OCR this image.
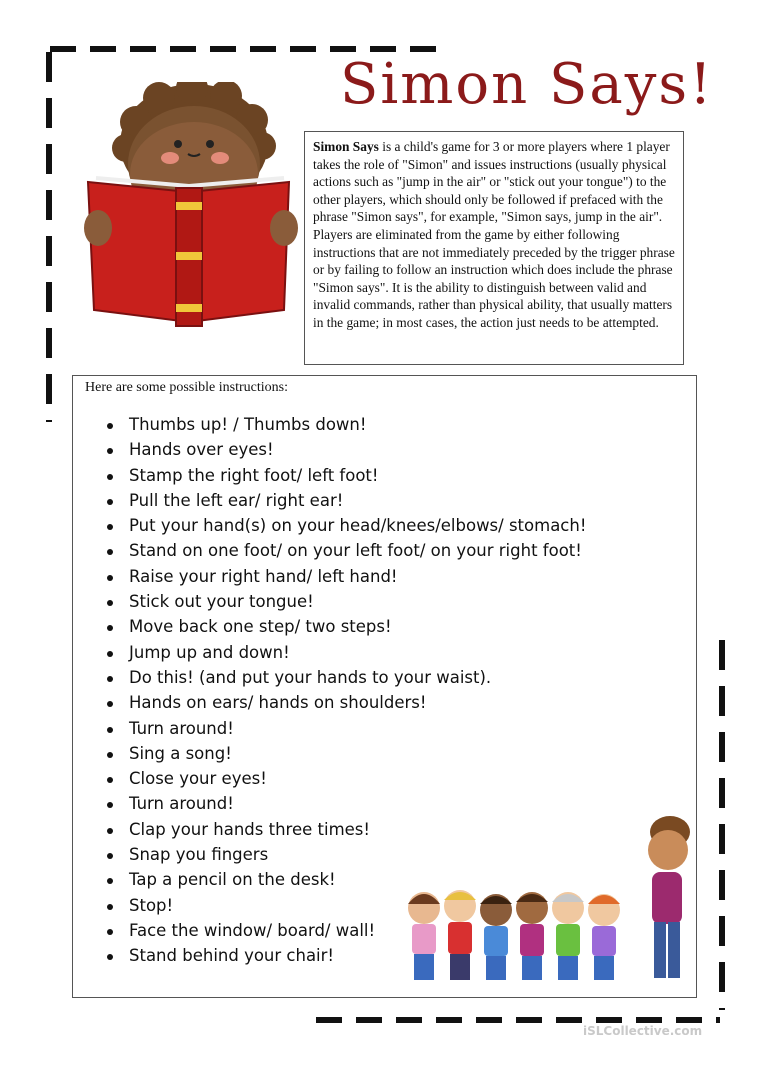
Simon Says!
Simon Says is a child's game for 3 or more players where 1 player takes the role of "Simon" and issues instructions (usually physical actions such as "jump in the air" or "stick out your tongue") to the other players, which should only be followed if prefaced with the phrase "Simon says", for example, "Simon says, jump in the air". Players are eliminated from the game by either following instructions that are not immediately preceded by the trigger phrase or by failing to follow an instruction which does include the phrase "Simon says". It is the ability to distinguish between valid and invalid commands, rather than physical ability, that usually matters in the game; in most cases, the action just needs to be attempted.
Here are some possible instructions:
Thumbs up! / Thumbs down!
Hands over eyes!
Stamp the right foot/ left foot!
Pull the left ear/ right ear!
Put your hand(s) on your head/knees/elbows/ stomach!
Stand on one foot/ on your left foot/ on your right foot!
Raise your right hand/ left hand!
Stick out your tongue!
Move back one step/ two steps!
Jump up and down!
Do this! (and put your hands to your waist).
Hands on ears/ hands on shoulders!
Turn around!
Sing a song!
Close your eyes!
Turn around!
Clap your hands three times!
Snap you fingers
Tap a pencil on the desk!
Stop!
Face the window/ board/ wall!
Stand behind your chair!
iSLCollective.com
